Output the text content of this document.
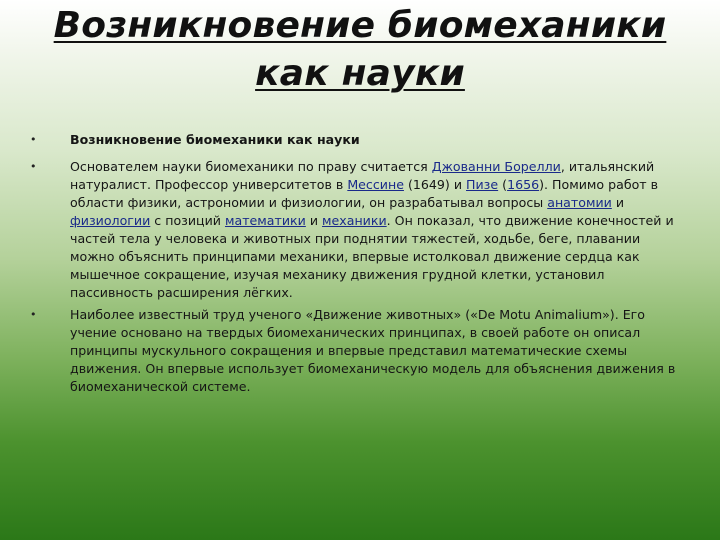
Возникновение биомеханики как науки
•	Возникновение биомеханики как науки

•	Основателем науки биомеханики по праву считается Джованни Борелли, итальянский натуралист. Профессор университетов в Мессине (1649) и Пизе (1656). Помимо работ в области физики, астрономии и физиологии, он разрабатывал вопросы анатомии и физиологии с позиций математики и механики. Он показал, что движение конечностей и частей тела у человека и животных при поднятии тяжестей, ходьбе, беге, плавании можно объяснить принципами механики, впервые истолковал движение сердца как мышечное сокращение, изучая механику движения грудной клетки, установил пассивность расширения лёгких.

•	Наиболее известный труд ученого «Движение животных» («De Motu Animalium»). Его учение основано на твердых биомеханических принципах, в своей работе он описал принципы мускульного сокращения и впервые представил математические схемы движения. Он впервые использует биомеханическую модель для объяснения движения в биомеханической системе.
